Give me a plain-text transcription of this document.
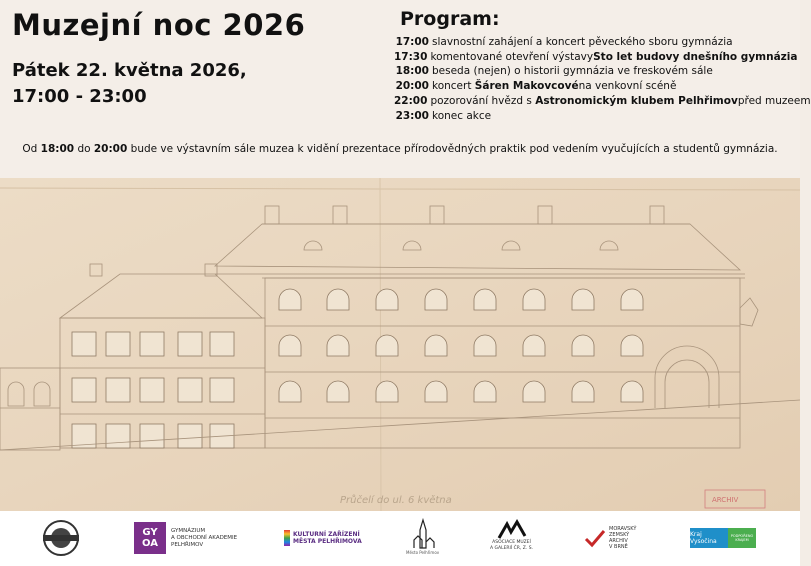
Muzejní noc 2026
Pátek 22. května 2026,
17:00 - 23:00
Program:
17:00 slavnostní zahájení a koncert pěveckého sboru gymnázia
17:30 komentované otevření výstavy Sto let budovy dnešního gymnázia
18:00 beseda (nejen) o historii gymnázia ve freskovém sále
20:00 koncert
Šáren Makovcové na venkovní scéně
22:00 pozorování hvězd s
Astronomickým klubem Pelhřimov před muzeem
23:00 konec akce
Od 18:00 do 20:00 bude ve výstavním sále muzea k vidění prezentace přírodovědných praktik pod vedením vyučujících a studentů gymnázia.
Průčelí do ul. 6 května	ARCHIV
GY OA
GYMNÁZIUM
A OBCHODNÍ AKADEMIE
PELHŘIMOV
KULTURNÍ ZAŘÍZENÍ
MĚSTA PELHŘIMOVA
Město Pelhřimov
ASOCIACE MUZEÍ
A GALERIÍ ČR, Z. S.
MORAVSKÝ
ZEMSKÝ
ARCHIV
V BRNĚ
Kraj Vysočina
PODPOŘENO KRAJEM
